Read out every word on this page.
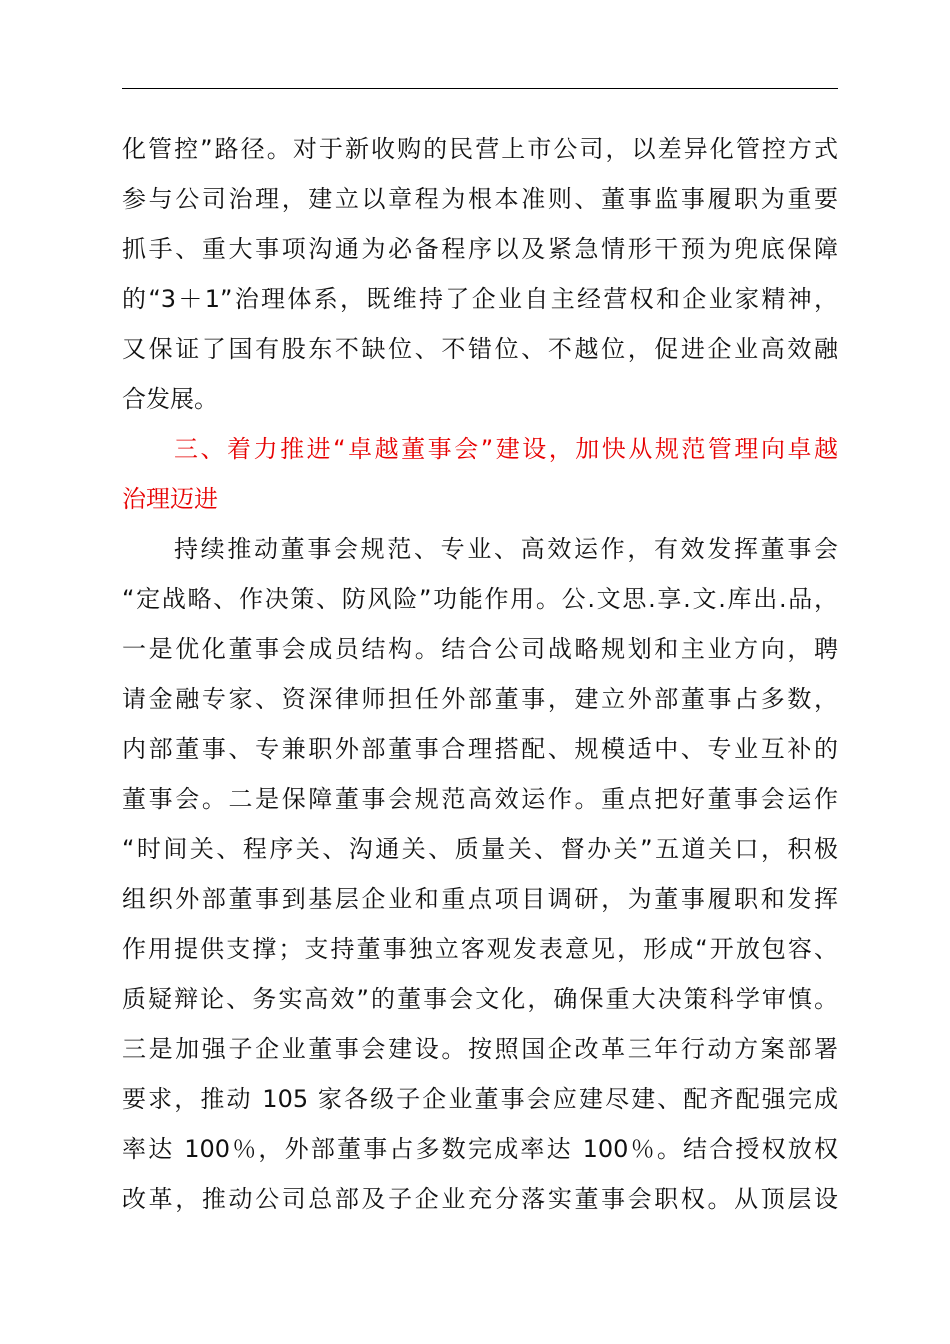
化管控”路径。对于新收购的民营上市公司，以差异化管控方式
参与公司治理，建立以章程为根本准则、董事监事履职为重要
抓手、重大事项沟通为必备程序以及紧急情形干预为兜底保障
的“3＋1”治理体系，既维持了企业自主经营权和企业家精神，
又保证了国有股东不缺位、不错位、不越位，促进企业高效融
合发展。
三、着力推进“卓越董事会”建设，加快从规范管理向卓越
治理迈进
持续推动董事会规范、专业、高效运作，有效发挥董事会
“定战略、作决策、防风险”功能作用。公.文思.享.文.库出.品，
一是优化董事会成员结构。结合公司战略规划和主业方向，聘
请金融专家、资深律师担任外部董事，建立外部董事占多数，
内部董事、专兼职外部董事合理搭配、规模适中、专业互补的
董事会。二是保障董事会规范高效运作。重点把好董事会运作
“时间关、程序关、沟通关、质量关、督办关”五道关口，积极
组织外部董事到基层企业和重点项目调研，为董事履职和发挥
作用提供支撑；支持董事独立客观发表意见，形成“开放包容、
质疑辩论、务实高效”的董事会文化，确保重大决策科学审慎。
三是加强子企业董事会建设。按照国企改革三年行动方案部署
要求，推动 105 家各级子企业董事会应建尽建、配齐配强完成
率达 100％，外部董事占多数完成率达 100％。结合授权放权
改革，推动公司总部及子企业充分落实董事会职权。从顶层设
